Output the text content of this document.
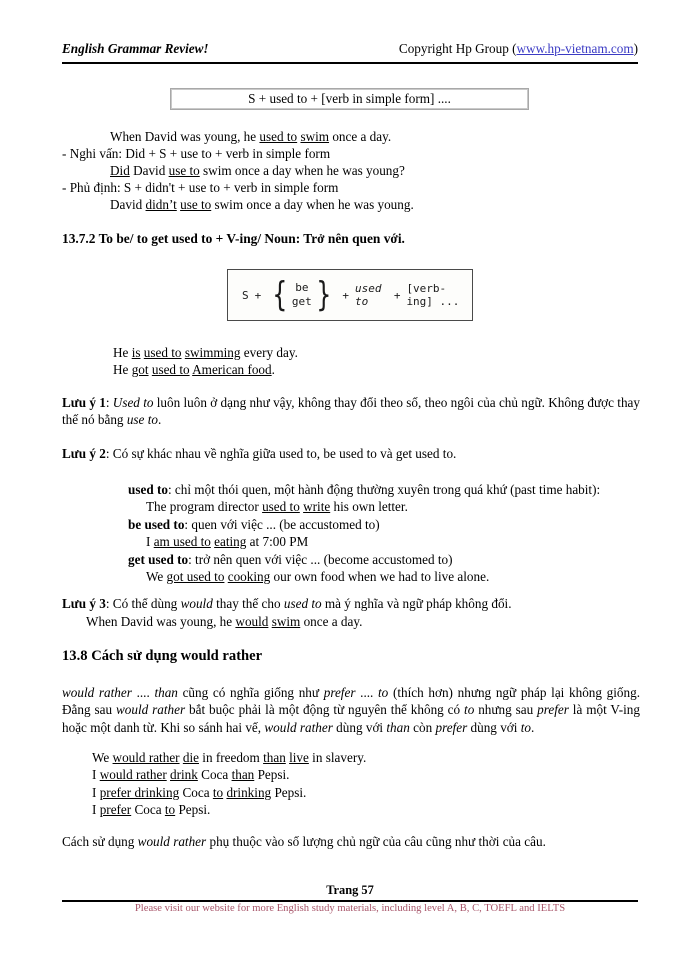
English Grammar Review!	Copyright Hp Group (www.hp-vietnam.com)
S + used to + [verb in simple form] ....
When David was young, he used to swim once a day.
- Nghi vấn: Did + S + use to + verb in simple form
Did David use to swim once a day when he was young?
- Phủ định: S + didn't + use to + verb in simple form
David didn’t use to swim once a day when he was young.
13.7.2 To be/ to get used to + V-ing/ Noun: Trở nên quen với.
S + { be
get } + used to	+ [verb-ing] ...
He is used to swimming every day.
He got used to American food.
Lưu ý 1: Used to luôn luôn ở dạng như vậy, không thay đổi theo số, theo ngôi của chủ ngữ. Không được thay thế nó bằng use to.
Lưu ý 2: Có sự khác nhau về nghĩa giữa used to, be used to và get used to.
used to: chỉ một thói quen, một hành động thường xuyên trong quá khứ (past time habit):
The program director used to write his own letter.
be used to: quen với việc ... (be accustomed to)
I am used to eating at 7:00 PM
get used to: trở nên quen với việc ... (become accustomed to)
We got used to cooking our own food when we had to live alone.
Lưu ý 3: Có thể dùng would thay thế cho used to mà ý nghĩa và ngữ pháp không đổi.
When David was young, he would swim once a day.
13.8 Cách sử dụng would rather
would rather .... than cũng có nghĩa giống như prefer .... to (thích hơn) nhưng ngữ pháp lại không giống. Đằng sau would rather bắt buộc phải là một động từ nguyên thể không có to nhưng sau prefer là một V-ing hoặc một danh từ. Khi so sánh hai vế, would rather dùng với than còn prefer dùng với to.
We would rather die in freedom than live in slavery.
I would rather drink Coca than Pepsi.
I prefer drinking Coca to drinking Pepsi.
I prefer Coca to Pepsi.
Cách sử dụng would rather phụ thuộc vào số lượng chủ ngữ của câu cũng như thời của câu.
Trang 57
Please visit our website for more English study materials, including level A, B, C, TOEFL and IELTS
